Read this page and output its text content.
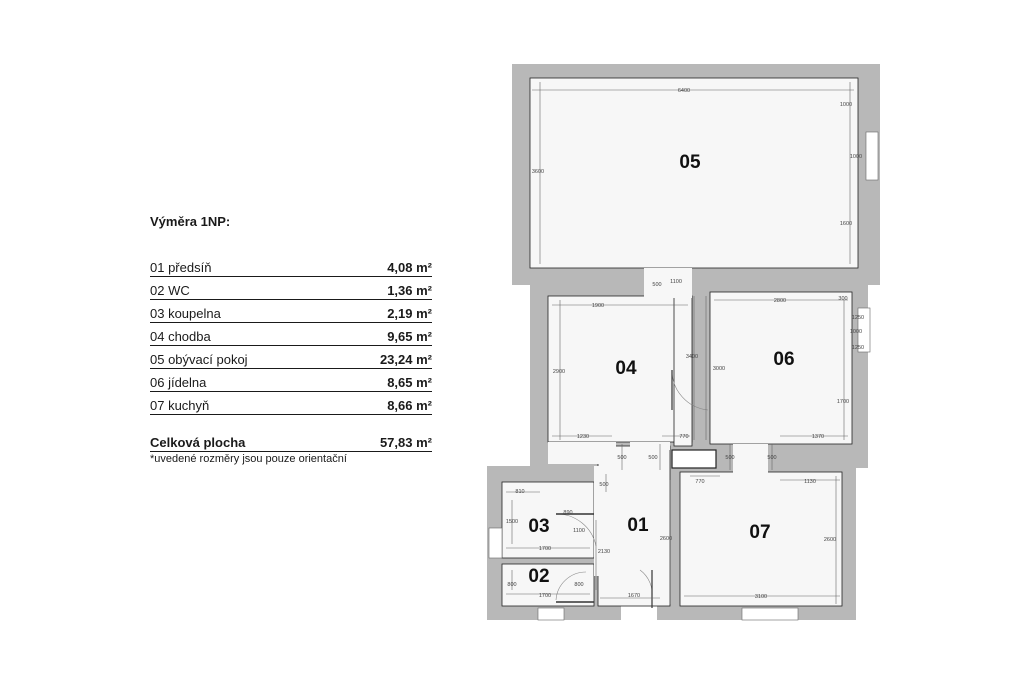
Výměra 1NP:
01 předsíň	4,08 m²
02 WC	1,36 m²
03 koupelna	2,19 m²
04 chodba	9,65 m²
05 obývací pokoj	23,24 m²
06 jídelna	8,65 m²
07 kuchyň	8,66 m²
Celková plocha	57,83 m²
*uvedené rozměry jsou pouze orientační
05
04	06
01
03
02
07
6400
3600
1000
1000
1600
1100
500
1900
2900
3400
1230	770
2800	300
1250
1000
1250
3000
1700
1370
500	500	500	500
500	770	1130
810
890
1500
1100
1700	2130
2600	2600
800	800
1700	1670	3100
